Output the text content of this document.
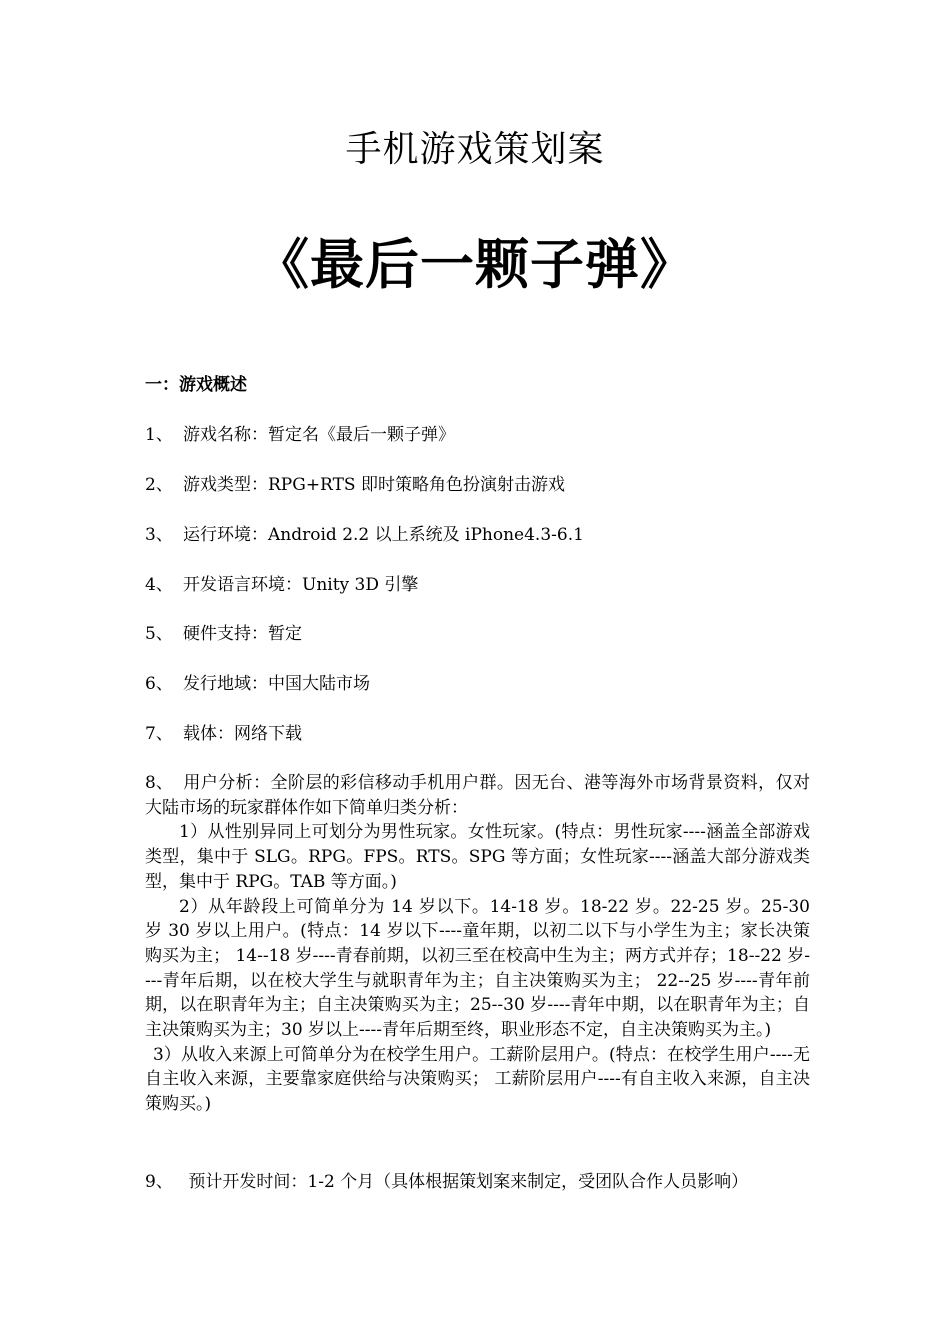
手机游戏策划案
《最后一颗子弹》
一：游戏概述
1、 游戏名称：暂定名《最后一颗子弹》
2、 游戏类型：RPG+RTS 即时策略角色扮演射击游戏
3、 运行环境：Android 2.2 以上系统及 iPhone4.3-6.1
4、 开发语言环境：Unity 3D 引擎
5、 硬件支持：暂定
6、 发行地域：中国大陆市场
7、 载体：网络下载

8、 用户分析：全阶层的彩信移动手机用户群。因无台、港等海外市场背景资料，仅对大陆市场的玩家群体作如下简单归类分析：

1）从性别异同上可划分为男性玩家。女性玩家。(特点：男性玩家----涵盖全部游戏类型，集中于 SLG。RPG。FPS。RTS。SPG 等方面；女性玩家----涵盖大部分游戏类型，集中于 RPG。TAB 等方面。)

2）从年龄段上可简单分为 14 岁以下。14-18 岁。18-22 岁。22-25 岁。25-30 岁 30 岁以上用户。(特点：14 岁以下----童年期，以初二以下与小学生为主；家长决策购买为主； 14--18 岁----青春前期，以初三至在校高中生为主；两方式并存；18--22 岁----青年后期，以在校大学生与就职青年为主；自主决策购买为主； 22--25 岁----青年前期，以在职青年为主；自主决策购买为主；25--30 岁----青年中期，以在职青年为主；自主决策购买为主；30 岁以上----青年后期至终，职业形态不定，自主决策购买为主。)

3）从收入来源上可简单分为在校学生用户。工薪阶层用户。(特点：在校学生用户----无自主收入来源，主要靠家庭供给与决策购买； 工薪阶层用户----有自主收入来源，自主决策购买。)

9、 预计开发时间：1-2 个月（具体根据策划案来制定，受团队合作人员影响）
